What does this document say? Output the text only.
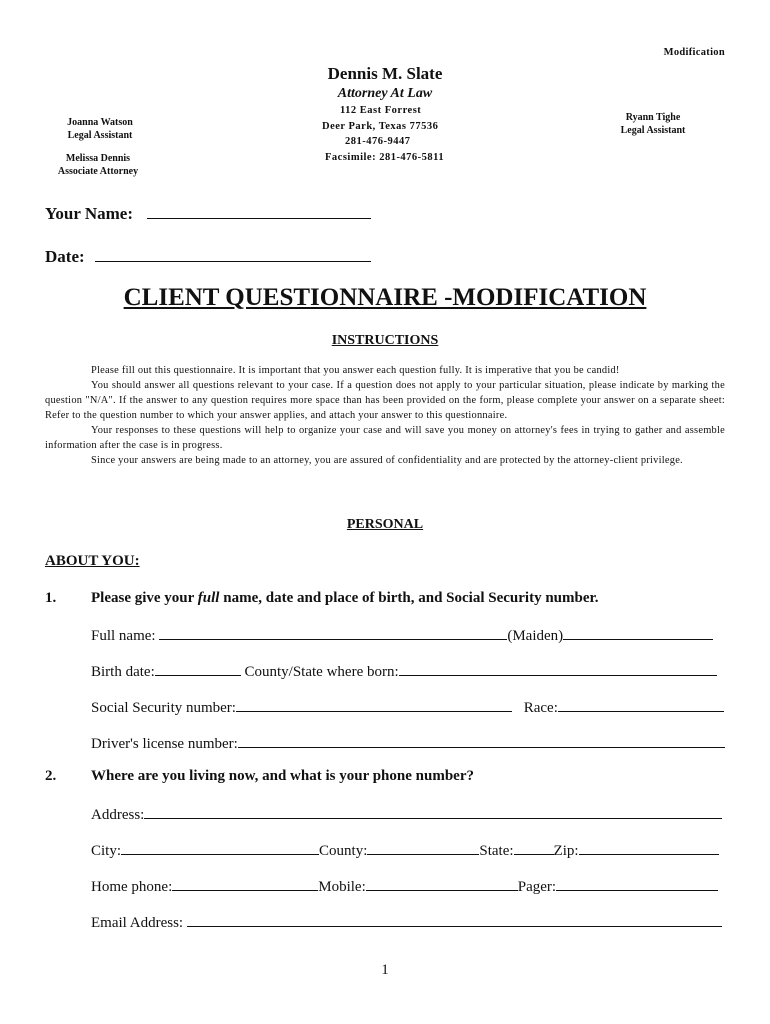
Modification
Dennis M. Slate
Attorney At Law
112 East Forrest
Deer Park, Texas 77536
281-476-9447
Facsimile: 281-476-5811
Joanna Watson
Legal Assistant
Melissa Dennis
Associate Attorney
Ryann Tighe
Legal Assistant
Your Name:
Date:
CLIENT QUESTIONNAIRE -MODIFICATION
INSTRUCTIONS

Please fill out this questionnaire. It is important that you answer each question fully. It is imperative that you be candid!

You should answer all questions relevant to your case. If a question does not apply to your particular situation, please indicate by marking the question "N/A". If the answer to any question requires more space than has been provided on the form, please complete your answer on a separate sheet: Refer to the question number to which your answer applies, and attach your answer to this questionnaire.

Your responses to these questions will help to organize your case and will save you money on attorney's fees in trying to gather and assemble information after the case is in progress.

Since your answers are being made to an attorney, you are assured of confidentiality and are protected by the attorney-client privilege.

PERSONAL
ABOUT YOU:
1. Please give your full name, date and place of birth, and Social Security number.
Full name:	(Maiden)
Birth date:	County/State where born:
Social Security number:	Race:
Driver's license number:
2. Where are you living now, and what is your phone number?
Address:
City:	County:	State:	Zip:
Home phone:	Mobile:	Pager:
Email Address:
1
